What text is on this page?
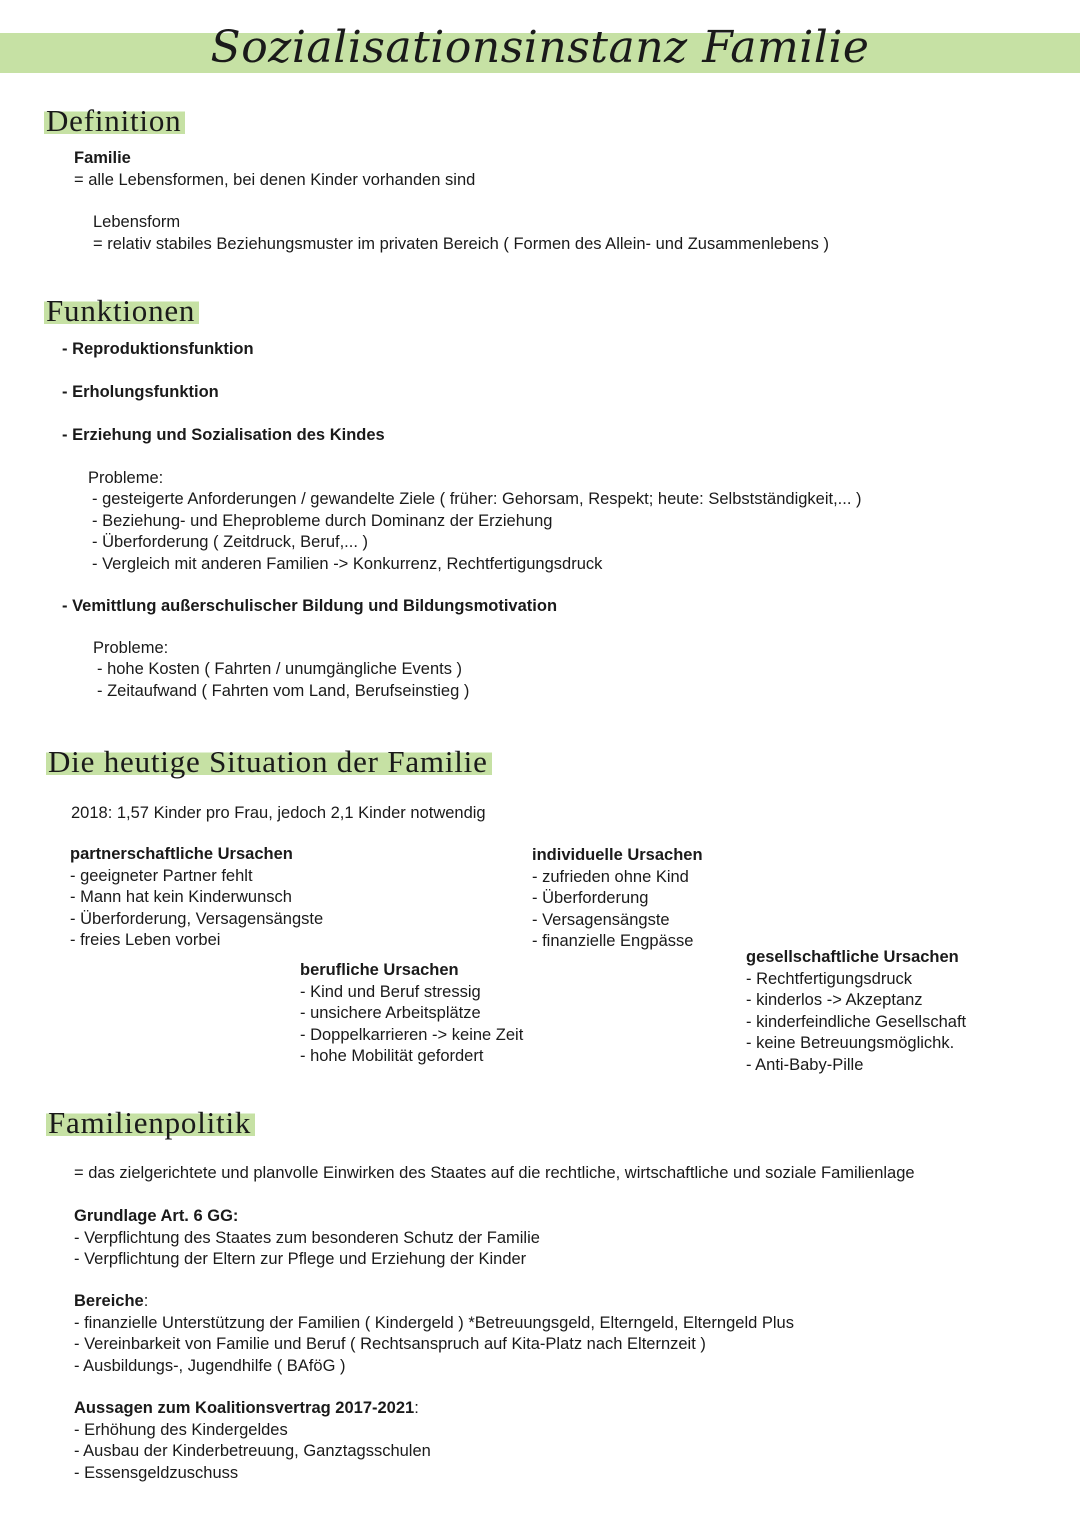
Sozialisationsinstanz Familie
Definition
Familie
= alle Lebensformen, bei denen Kinder vorhanden sind
Lebensform
= relativ stabiles Beziehungsmuster im privaten Bereich ( Formen des Allein- und Zusammenlebens )
Funktionen
- Reproduktionsfunktion
- Erholungsfunktion
- Erziehung und Sozialisation des Kindes
Probleme:
- gesteigerte Anforderungen / gewandelte Ziele ( früher: Gehorsam, Respekt; heute: Selbstständigkeit,... )
- Beziehung- und Eheprobleme durch Dominanz der Erziehung
- Überforderung ( Zeitdruck, Beruf,... )
- Vergleich mit anderen Familien -> Konkurrenz, Rechtfertigungsdruck
- Vemittlung außerschulischer Bildung und Bildungsmotivation
Probleme:
- hohe Kosten ( Fahrten / unumgängliche Events )
- Zeitaufwand ( Fahrten vom Land, Berufseinstieg )
Die heutige Situation der Familie
2018: 1,57 Kinder pro Frau, jedoch 2,1 Kinder notwendig
partnerschaftliche Ursachen
- geeigneter Partner fehlt
- Mann hat kein Kinderwunsch
- Überforderung, Versagensängste
- freies Leben vorbei
individuelle Ursachen
- zufrieden ohne Kind
- Überforderung
- Versagensängste
- finanzielle Engpässe
berufliche Ursachen
- Kind und Beruf stressig
- unsichere Arbeitsplätze
- Doppelkarrieren -> keine Zeit
- hohe Mobilität gefordert
gesellschaftliche Ursachen
- Rechtfertigungsdruck
- kinderlos -> Akzeptanz
- kinderfeindliche Gesellschaft
- keine Betreuungsmöglichk.
- Anti-Baby-Pille
Familienpolitik
= das zielgerichtete und planvolle Einwirken des Staates auf die rechtliche, wirtschaftliche und soziale Familienlage
Grundlage Art. 6 GG:
- Verpflichtung des Staates zum besonderen Schutz der Familie
- Verpflichtung der Eltern zur Pflege und Erziehung der Kinder
Bereiche:
- finanzielle Unterstützung der Familien ( Kindergeld ) *Betreuungsgeld, Elterngeld, Elterngeld Plus
- Vereinbarkeit von Familie und Beruf ( Rechtsanspruch auf Kita-Platz nach Elternzeit )
- Ausbildungs-, Jugendhilfe ( BAföG )
Aussagen zum Koalitionsvertrag 2017-2021:
- Erhöhung des Kindergeldes
- Ausbau der Kinderbetreuung, Ganztagsschulen
- Essensgeldzuschuss
